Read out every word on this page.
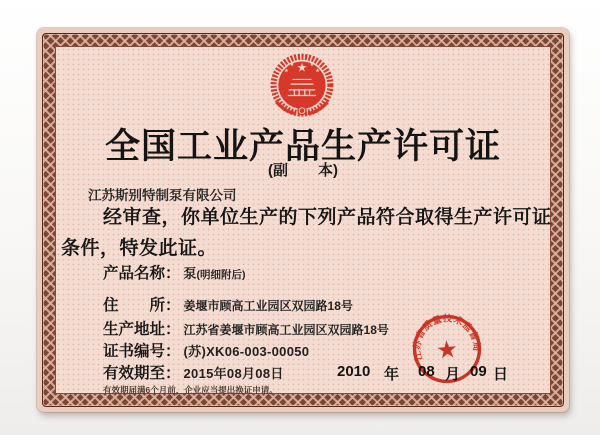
全国工业产品生产许可证
(副　　本)
江苏斯别特制泵有限公司
经审查，你单位生产的下列产品符合取得生产许可证
条件，特发此证。
产品名称： 泵 (明细附后)
住　　所： 姜堰市顾高工业园区双园路18号
生产地址： 江苏省姜堰市顾高工业园区双园路18号
证书编号： (苏)XK06-003-00050
有效期至： 2015年08月08日
有效期届满6个月前，企业应当提出换证申请。
2010 年 08 月 09 日
江苏省质量技术监督局
